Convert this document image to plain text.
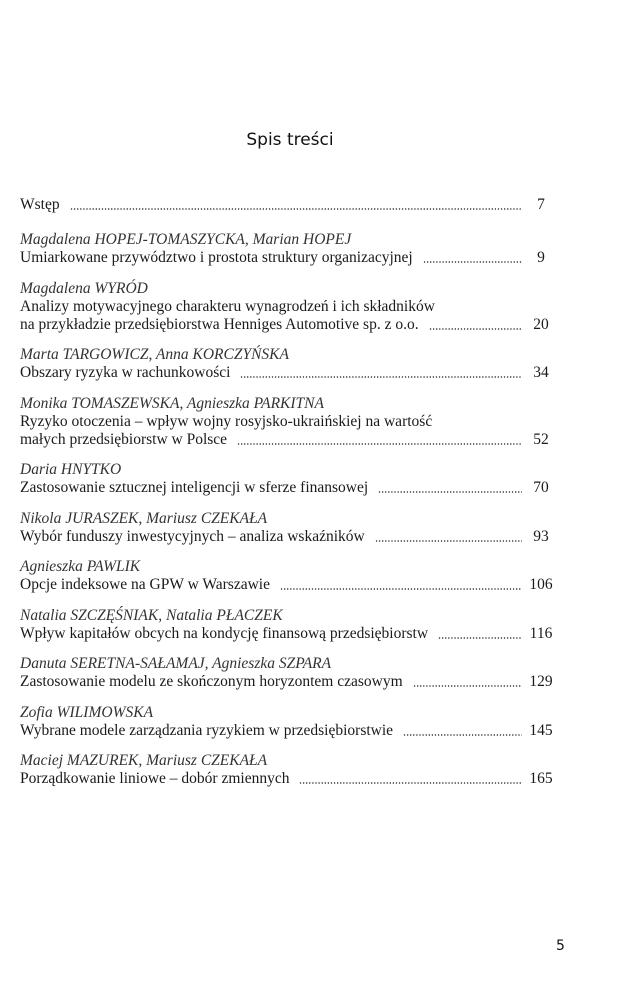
Spis treści
Wstęp	7
Magdalena HOPEJ-TOMASZYCKA, Marian HOPEJ
Umiarkowane przywództwo i prostota struktury organizacyjnej	9
Magdalena WYRÓD
Analizy motywacyjnego charakteru wynagrodzeń i ich składników
na przykładzie przedsiębiorstwa Henniges Automotive sp. z o.o.	20
Marta TARGOWICZ, Anna KORCZYŃSKA
Obszary ryzyka w rachunkowości	34
Monika TOMASZEWSKA, Agnieszka PARKITNA
Ryzyko otoczenia – wpływ wojny rosyjsko-ukraińskiej na wartość
małych przedsiębiorstw w Polsce	52
Daria HNYTKO
Zastosowanie sztucznej inteligencji w sferze finansowej	70
Nikola JURASZEK, Mariusz CZEKAŁA
Wybór funduszy inwestycyjnych – analiza wskaźników	93
Agnieszka PAWLIK
Opcje indeksowe na GPW w Warszawie	106
Natalia SZCZĘŚNIAK, Natalia PŁACZEK
Wpływ kapitałów obcych na kondycję finansową przedsiębiorstw	116
Danuta SERETNA-SAŁAMAJ, Agnieszka SZPARA
Zastosowanie modelu ze skończonym horyzontem czasowym	129
Zofia WILIMOWSKA
Wybrane modele zarządzania ryzykiem w przedsiębiorstwie	145
Maciej MAZUREK, Mariusz CZEKAŁA
Porządkowanie liniowe – dobór zmiennych	165
5
